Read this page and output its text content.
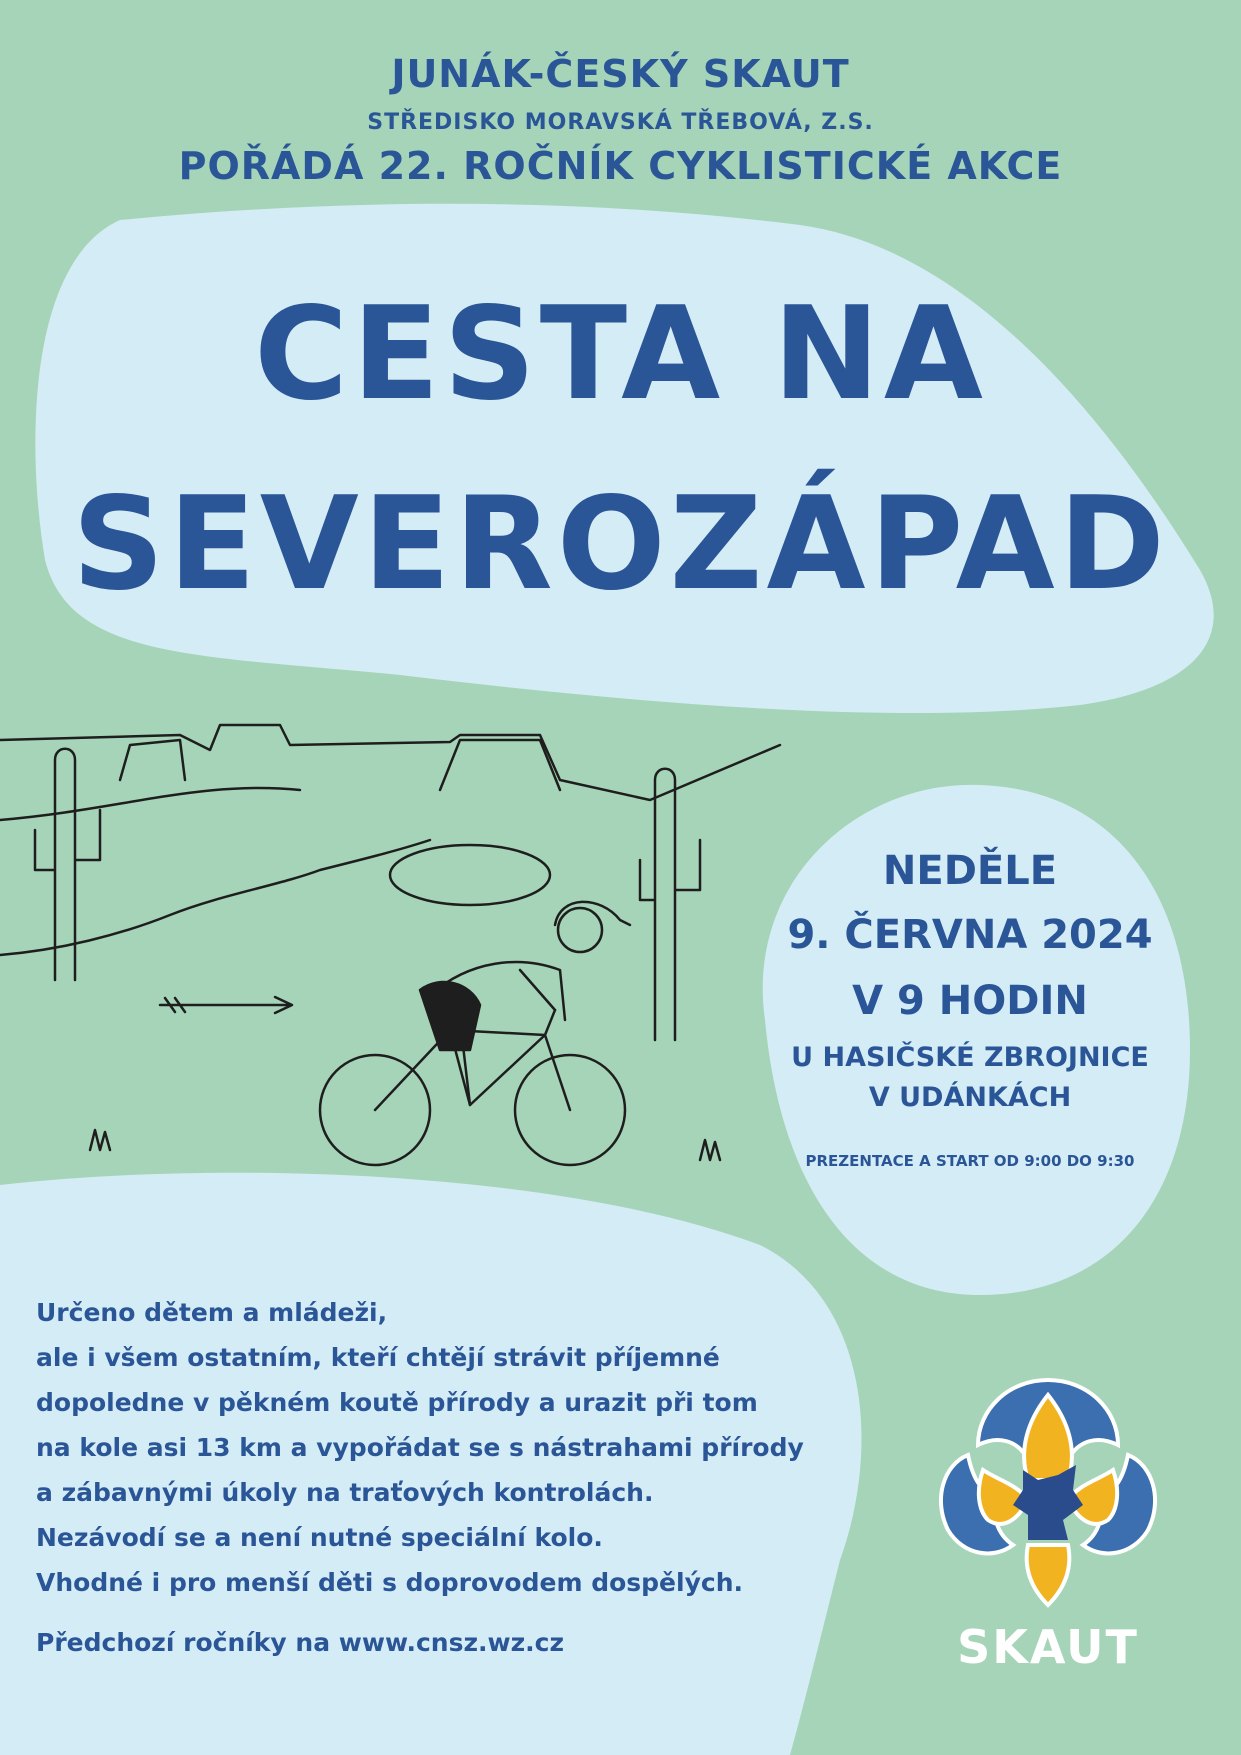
JUNÁK-ČESKÝ SKAUT
STŘEDISKO MORAVSKÁ TŘEBOVÁ, Z.S.
POŘÁDÁ 22. ROČNÍK CYKLISTICKÉ AKCE
CESTA NA
SEVEROZÁPAD
NEDĚLE
9. ČERVNA 2024
V 9 HODIN
U HASIČSKÉ ZBROJNICE
V UDÁNKÁCH
PREZENTACE A START OD 9:00 DO 9:30
Určeno dětem a mládeži,
ale i všem ostatním, kteří chtějí strávit příjemné
dopoledne v pěkném koutě přírody a urazit při tom
na kole asi 13 km a vypořádat se s nástrahami přírody
a zábavnými úkoly na traťových kontrolách.
Nezávodí se a není nutné speciální kolo.
Vhodné i pro menší děti s doprovodem dospělých.
Předchozí ročníky na www.cnsz.wz.cz	SKAUT
